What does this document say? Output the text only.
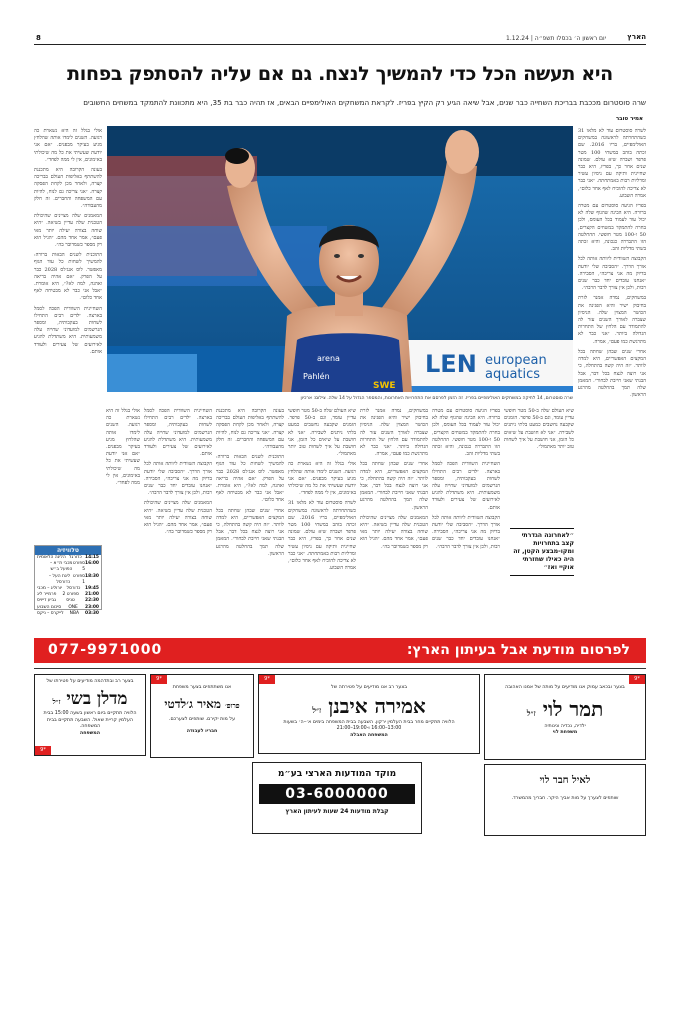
הארץ
יום ראשון ה׳ בכסלו תשפ״ה | 1.12.24
8
היא תעשה הכל כדי להמשיך לנצח. גם אם עליה להסתפק בפחות
שרה סוסטרום מככבת בבריכת השחייה כבר שנים, אבל שיאה הגיע רק הקיץ בפריז. לקראת המשחקים האולימפיים הבאים, אז תהיה כבר בת 35, היא מתכוונת להתמקד במשחים החשובים
אמיר טובר

לשרה סוסטרום עוד לא מלאו 31 כשהתחרתה לראשונה במשחקים האולימפיים, בריו 2016. שם זכתה בזהב במשחי 100 מטר פרפר ושברה שיא עולם. שמונה שנים אחר כך, בפריז, היא כבר שחיינית ותיקה עם ניסיון עשיר ומדליות רבות באמתחתה. ״אני כבר לא צריכה להוכיח לאף אחד כלום״, אמרה השבוע.

בפריז הגיעה סוסטרום עם מטרה ברורה. היא הבינה שהגוף שלה לא יכול עוד לעמוד בכל העומס, ולכן בחרה להתמקד במשחים הקצרים, 50 ו-100 מטר חופשי. ההחלטה הזו התבררה כנכונה, והיא זכתה בשתי מדליות זהב.

הקבוצה השוודית ליוותה אותה לכל אורך הדרך. ״הסביבה שלי יודעת בדיוק מה אני צריכה״, הסבירה. ״אנחנו עובדים יחד כבר שנים רבות, ולכן אין צורך לדבר הרבה״.

במשחקים, נמדה אמנר לזרת בחיבוק ישיר והיא הפגינה את הכושר המצוין שלה. הניסיון שצברה לאורך השנים עזר לה להתמודד עם הלחץ של התחרות הגדולה ביותר. ״אני כבר לא מתרגשת כמו פעם״, אמרה.

אחרי שנים שבהן שחתה בכל המקצים האפשריים, היא למדה לוותר. ״זה היה קשה בהתחלה, כי אני רוצה לנצח בכל דבר, אבל הבנתי שאני חייבת לבחור״. המאמן שלה תמך בהחלטה מהרגע הראשון.

אולי בגלל זה היא נשארת כה רגועה. השנים לימדו אותה שהלחץ מגיע בעיקר מבפנים. ״אם אני יודעת שעשיתי את כל מה שיכולתי באימונים, אין לי ממה לפחד״.

בעונה הקרובה היא מתכננת להשתתף באליפות העולם בבריכה קצרה, ולאחר מכן לקחת הפסקה קצרה. ״אני צריכה גם לנוח, להיות עם המשפחה והחברים. זה חלק מהעבודה״.

המאמנים שלה מציינים שהיכולת הטכנית שלה עדיין בשיאה. ״היא שוחה בצורה יעילה יותר מאי פעם״, אמר אחד מהם. ״הגיל הוא רק מספר כשמדובר בה״.

התוכנית לשנים הבאות ברורה: להמשיך לשחות כל עוד הגוף מאפשר. לוס אנג׳לס 2028 כבר על הפרק. ״אם אהיה בריאה ואהנה, למה לא?״, היא אומרת. ״אבל אני כבר לא מבטיחה לאף אחד כלום״.

השחיינית השוודית הפכה לסמל בארצה. ילדים רבים התחילו לשחות בעקבותיה, ומספר הנרשמים למועדוני שחייה עלה משמעותית. היא משתדלת להגיע לאירועים של צעירים ולעודד אותם.	LEN european
aquatics
arena
Pahlén
SWE
שרה סוסטרום, 14 לחיקה במשחקים האולימפיים בפריז. זה הזמן לפרסם את התחרויות האחרונות, והמספר הגדול על 14 שלה. צילום: ארכיון

שיא העולם שלה ב-50 מטר חופשי עדיין עומד, וגם ב-50 פרפר. הזמנים שקבעה נחשבים כמעט בלתי ניתנים לשבירה. ״אני לא חושבת על שיאים כל הזמן, אני חושבת על איך לשחות טוב יותר מאתמול״.

״לאחרונה הגדרתי קצב בתחרויות ומקו-מבצע הקטן, זה היה כאילו שחזרתי אוקיי ואז״

בפריז הגיעה סוסטרום עם מטרה ברורה. היא הבינה שהגוף שלה לא יכול עוד לעמוד בכל העומס, ולכן בחרה להתמקד במשחים הקצרים, 50 ו-100 מטר חופשי. ההחלטה הזו התבררה כנכונה, והיא זכתה בשתי מדליות זהב.

השחיינית השוודית הפכה לסמל בארצה. ילדים רבים התחילו לשחות בעקבותיה, ומספר הנרשמים למועדוני שחייה עלה משמעותית. היא משתדלת להגיע לאירועים של צעירים ולעודד אותם.

הקבוצה השוודית ליוותה אותה לכל אורך הדרך. ״הסביבה שלי יודעת בדיוק מה אני צריכה״, הסבירה. ״אנחנו עובדים יחד כבר שנים רבות, ולכן אין צורך לדבר הרבה״.

במשחקים, נמדה אמנר לזרת בחיבוק ישיר והיא הפגינה את הכושר המצוין שלה. הניסיון שצברה לאורך השנים עזר לה להתמודד עם הלחץ של התחרות הגדולה ביותר. ״אני כבר לא מתרגשת כמו פעם״, אמרה.

אחרי שנים שבהן שחתה בכל המקצים האפשריים, היא למדה לוותר. ״זה היה קשה בהתחלה, כי אני רוצה לנצח בכל דבר, אבל הבנתי שאני חייבת לבחור״. המאמן שלה תמך בהחלטה מהרגע הראשון.

המאמנים שלה מציינים שהיכולת הטכנית שלה עדיין בשיאה. ״היא שוחה בצורה יעילה יותר מאי פעם״, אמר אחד מהם. ״הגיל הוא רק מספר כשמדובר בה״.

שיא העולם שלה ב-50 מטר חופשי עדיין עומד, וגם ב-50 פרפר. הזמנים שקבעה נחשבים כמעט בלתי ניתנים לשבירה. ״אני לא חושבת על שיאים כל הזמן, אני חושבת על איך לשחות טוב יותר מאתמול״.

אולי בגלל זה היא נשארת כה רגועה. השנים לימדו אותה שהלחץ מגיע בעיקר מבפנים. ״אם אני יודעת שעשיתי את כל מה שיכולתי באימונים, אין לי ממה לפחד״.

לשרה סוסטרום עוד לא מלאו 31 כשהתחרתה לראשונה במשחקים האולימפיים, בריו 2016. שם זכתה בזהב במשחי 100 מטר פרפר ושברה שיא עולם. שמונה שנים אחר כך, בפריז, היא כבר שחיינית ותיקה עם ניסיון עשיר ומדליות רבות באמתחתה. ״אני כבר לא צריכה להוכיח לאף אחד כלום״, אמרה השבוע.

בעונה הקרובה היא מתכננת להשתתף באליפות העולם בבריכה קצרה, ולאחר מכן לקחת הפסקה קצרה. ״אני צריכה גם לנוח, להיות עם המשפחה והחברים. זה חלק מהעבודה״.

התוכנית לשנים הבאות ברורה: להמשיך לשחות כל עוד הגוף מאפשר. לוס אנג׳לס 2028 כבר על הפרק. ״אם אהיה בריאה ואהנה, למה לא?״, היא אומרת. ״אבל אני כבר לא מבטיחה לאף אחד כלום״.

אחרי שנים שבהן שחתה בכל המקצים האפשריים, היא למדה לוותר. ״זה היה קשה בהתחלה, כי אני רוצה לנצח בכל דבר, אבל הבנתי שאני חייבת לבחור״. המאמן שלה תמך בהחלטה מהרגע הראשון.

השחיינית השוודית הפכה לסמל בארצה. ילדים רבים התחילו לשחות בעקבותיה, ומספר הנרשמים למועדוני שחייה עלה משמעותית. היא משתדלת להגיע לאירועים של צעירים ולעודד אותם.

הקבוצה השוודית ליוותה אותה לכל אורך הדרך. ״הסביבה שלי יודעת בדיוק מה אני צריכה״, הסבירה. ״אנחנו עובדים יחד כבר שנים רבות, ולכן אין צורך לדבר הרבה״.

המאמנים שלה מציינים שהיכולת הטכנית שלה עדיין בשיאה. ״היא שוחה בצורה יעילה יותר מאי פעם״, אמר אחד מהם. ״הגיל הוא רק מספר כשמדובר בה״.

אולי בגלל זה היא נשארת כה רגועה. השנים לימדו אותה שהלחץ מגיע בעיקר מבפנים. ״אם אני יודעת שעשיתי את כל מה שיכולתי באימונים, אין לי ממה לפחד״.

טלוויזיה
14:15
כדורגל
הליגה הלאומית
16:00
ספורט 5
מכבי ת״א – הפועל ב״ש
18:30
ספורט 1
ליגת העל – כדורסל
19:45
כדורסל
יורוליג – מכבי
21:00
ספורט 2
פרמייר ליג
22:30
טניס
גביע דייויס
23:00
ONE
סיכום השבוע
03:30
NBA
לייקרס – ניקס
לפרסום מודעת אבל בעיתון הארץ:
077-9971000
*9
בצער ובכאב עמוק אנו מודיעים על מותה של אמנו האהובה
תמר לוי ז״ל
ילדיה, נכדיה ונינותיה
משפחת לוי
*9
בצער רב אנו מודיעים על פטירתה של
אמירה איבנן ז״ל
הלוויה תתקיים מחר בבית העלמין ירקון. השבעה בבית המשפחה בימים א׳–ה׳ בשעות 13:00–16:00 ו-19:00–21:00
המשפחה האבלה
*9
אנו משתתפים בצער משפחת
פרופ׳ מאיר ג׳לדטי
על מות יקירם. שותפים לצערכם.
חבריו לעבודה
*9
בצער רב ובתדהמה מודיעים על פטירתו של
מדלן בשי ז״ל
הלוויה תתקיים ביום ראשון בשעה 15:00 בבית העלמין קריית שאול. השבעה תתקיים בבית המשפחה.
המשפחה
לאיל חבר לוי
שותפים לצערך על מות אביך היקר. חבריך מהמשרד.
מוקד המודעות הארצי בע״מ
03-6000000
קבלת מודעות 24 שעות לעיתון הארץ
